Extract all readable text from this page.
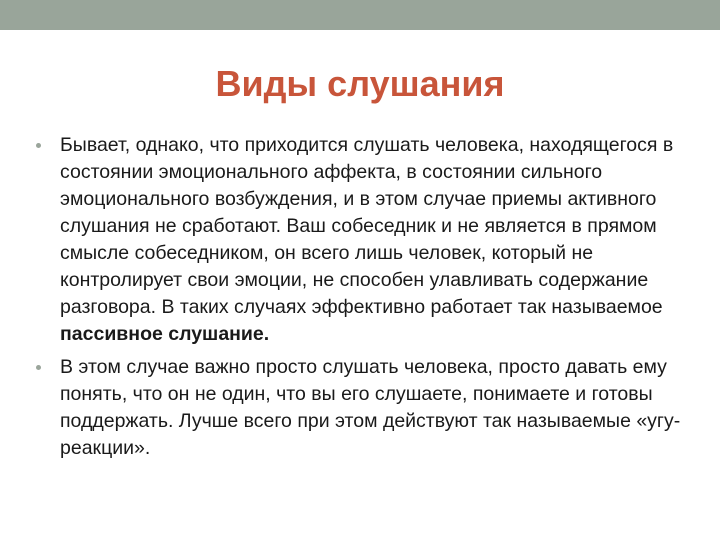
Виды слушания
Бывает, однако, что приходится слушать человека, находящегося в состоянии эмоционального аффекта, в состоянии сильного эмоционального возбуждения, и в этом случае приемы активного слушания не сработают. Ваш собеседник и не является в прямом смысле собеседником, он всего лишь человек, который не контролирует свои эмоции, не способен улавливать содержание разговора. В таких случаях эффективно работает так называемое пассивное слушание.
В этом случае важно просто слушать человека, просто давать ему понять, что он не один, что вы его слушаете, понимаете и готовы поддержать. Лучше всего при этом действуют так называемые «угу-реакции».
